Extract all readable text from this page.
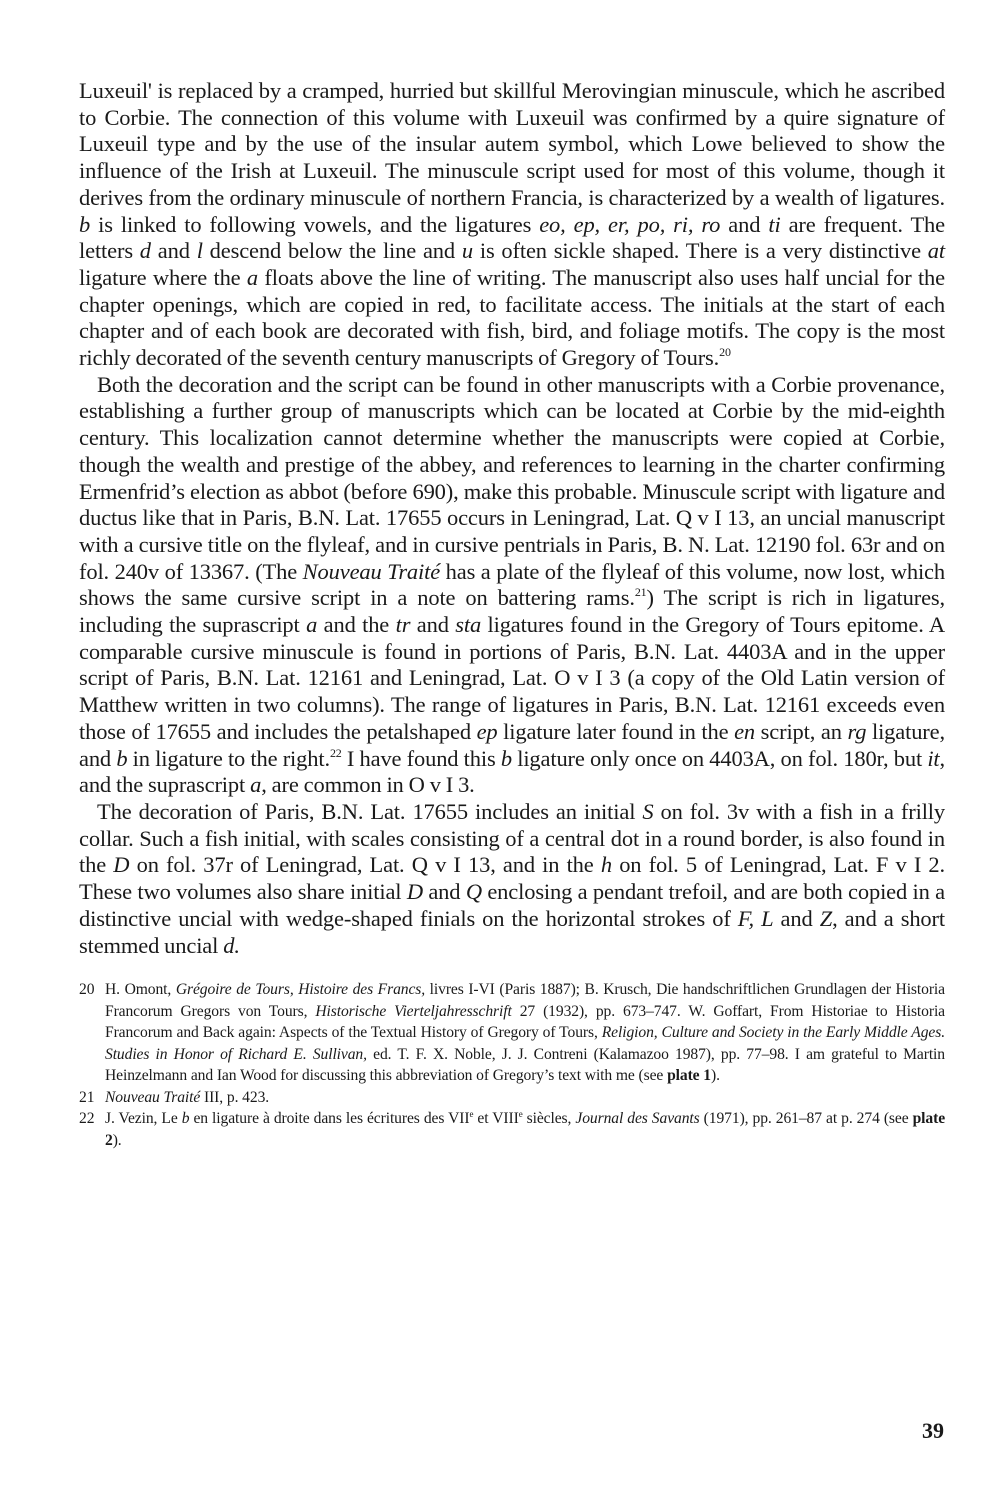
Luxeuil' is replaced by a cramped, hurried but skillful Merovingian minuscule, which he ascribed to Corbie. The connection of this volume with Luxeuil was confirmed by a quire signature of Luxeuil type and by the use of the insular autem symbol, which Lowe believed to show the influence of the Irish at Luxeuil. The minuscule script used for most of this volume, though it derives from the ordinary minuscule of northern Francia, is characterized by a wealth of ligatures. b is linked to following vowels, and the ligatures eo, ep, er, po, ri, ro and ti are frequent. The letters d and l descend below the line and u is often sickle shaped. There is a very distinctive at ligature where the a floats above the line of writing. The manuscript also uses half uncial for the chapter openings, which are copied in red, to facilitate access. The initials at the start of each chapter and of each book are decorated with fish, bird, and foliage motifs. The copy is the most richly decorated of the seventh century manuscripts of Gregory of Tours.$^{20}$

Both the decoration and the script can be found in other manuscripts with a Corbie provenance, establishing a further group of manuscripts which can be located at Corbie by the mid-eighth century. This localization cannot determine whether the manuscripts were copied at Corbie, though the wealth and prestige of the abbey, and references to learning in the charter confirming Ermenfrid’s election as abbot (before 690), make this probable. Minuscule script with ligature and ductus like that in Paris, B.N. Lat. 17655 occurs in Leningrad, Lat. Q v I 13, an uncial manuscript with a cursive title on the flyleaf, and in cursive pentrials in Paris, B. N. Lat. 12190 fol. 63r and on fol. 240v of 13367. (The Nouveau Traité has a plate of the flyleaf of this volume, now lost, which shows the same cursive script in a note on battering rams.$^{21}$) The script is rich in ligatures, including the suprascript a and the tr and sta ligatures found in the Gregory of Tours epitome. A comparable cursive minuscule is found in portions of Paris, B.N. Lat. 4403A and in the upper script of Paris, B.N. Lat. 12161 and Leningrad, Lat. O v I 3 (a copy of the Old Latin version of Matthew written in two columns). The range of ligatures in Paris, B.N. Lat. 12161 exceeds even those of 17655 and includes the petalshaped ep ligature later found in the en script, an rg ligature, and b in ligature to the right.$^{22}$ I have found this b ligature only once on 4403A, on fol. 180r, but it, and the suprascript a, are common in O v I 3.

The decoration of Paris, B.N. Lat. 17655 includes an initial S on fol. 3v with a fish in a frilly collar. Such a fish initial, with scales consisting of a central dot in a round border, is also found in the D on fol. 37r of Leningrad, Lat. Q v I 13, and in the h on fol. 5 of Leningrad, Lat. F v I 2. These two volumes also share initial D and Q enclosing a pendant trefoil, and are both copied in a distinctive uncial with wedge-shaped finials on the horizontal strokes of F, L and Z, and a short stemmed uncial d.

20 H. Omont, Grégoire de Tours, Histoire des Francs, livres I-VI (Paris 1887); B. Krusch, Die handschriftlichen Grundlagen der Historia Francorum Gregors von Tours, Historische Vierteljahresschrift 27 (1932), pp. 673–747. W. Goffart, From Historiae to Historia Francorum and Back again: Aspects of the Textual History of Gregory of Tours, Religion, Culture and Society in the Early Middle Ages. Studies in Honor of Richard E. Sullivan, ed. T. F. X. Noble, J. J. Contreni (Kalamazoo 1987), pp. 77–98. I am grateful to Martin Heinzelmann and Ian Wood for discussing this abbreviation of Gregory’s text with me (see plate 1).
21 Nouveau Traité III, p. 423.
22 J. Vezin, Le b en ligature à droite dans les écritures des VIIe et VIIIe siècles, Journal des Savants (1971), pp. 261–87 at p. 274 (see plate 2).
39
